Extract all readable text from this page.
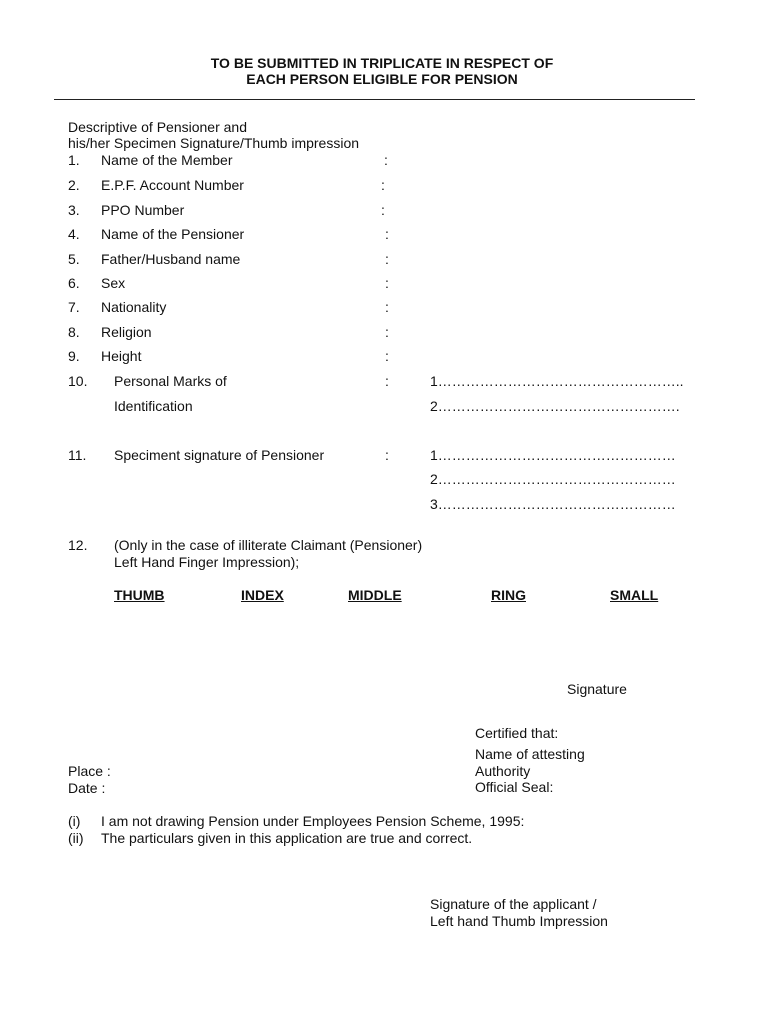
TO BE SUBMITTED IN TRIPLICATE IN RESPECT OF
EACH PERSON ELIGIBLE FOR PENSION
Descriptive of Pensioner and
his/her Specimen Signature/Thumb impression
1. Name of the Member	:
2. E.P.F. Account Number	:
3. PPO Number	:
4. Name of the Pensioner	:
5. Father/Husband name	:
6. Sex	:
7. Nationality	:
8. Religion	:
9. Height	:
10. Personal Marks of	:	1……………………………………………..
Identification	2…………………………………………….
11. Speciment signature of Pensioner	:	1……………………………………………
2……………………………………………
3……………………………………………
12. (Only in the case of illiterate Claimant (Pensioner)
Left Hand Finger Impression);
THUMB	INDEX	MIDDLE	RING	SMALL
Signature
Certified that:
Name of attesting
Authority
Official Seal:
Place :
Date :
(i) I am not drawing Pension under Employees Pension Scheme, 1995:
(ii) The particulars given in this application are true and correct.
Signature of the applicant /
Left hand Thumb Impression
